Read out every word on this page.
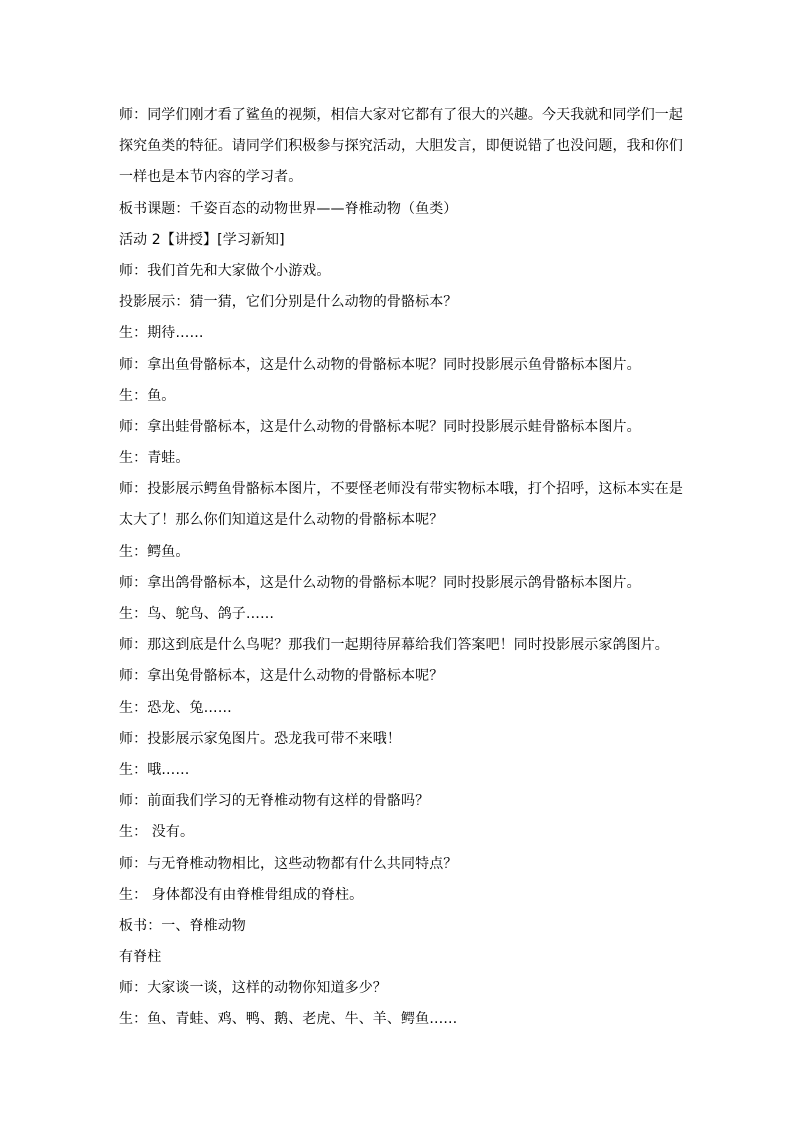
师：同学们刚才看了鲨鱼的视频，相信大家对它都有了很大的兴趣。今天我就和同学们一起
探究鱼类的特征。请同学们积极参与探究活动，大胆发言，即便说错了也没问题，我和你们
一样也是本节内容的学习者。
板书课题：千姿百态的动物世界——脊椎动物（鱼类）
活动 2【讲授】[学习新知]
师：我们首先和大家做个小游戏。
投影展示：猜一猜，它们分别是什么动物的骨骼标本？
生：期待……
师：拿出鱼骨骼标本，这是什么动物的骨骼标本呢？同时投影展示鱼骨骼标本图片。
生：鱼。
师：拿出蛙骨骼标本，这是什么动物的骨骼标本呢？同时投影展示蛙骨骼标本图片。
生：青蛙。
师：投影展示鳄鱼骨骼标本图片，不要怪老师没有带实物标本哦，打个招呼，这标本实在是
太大了！那么你们知道这是什么动物的骨骼标本呢？
生：鳄鱼。
师：拿出鸽骨骼标本，这是什么动物的骨骼标本呢？同时投影展示鸽骨骼标本图片。
生：鸟、鸵鸟、鸽子……
师：那这到底是什么鸟呢？那我们一起期待屏幕给我们答案吧！同时投影展示家鸽图片。
师：拿出兔骨骼标本，这是什么动物的骨骼标本呢？
生：恐龙、兔……
师：投影展示家兔图片。恐龙我可带不来哦！
生：哦……
师：前面我们学习的无脊椎动物有这样的骨骼吗？
生： 没有。
师：与无脊椎动物相比，这些动物都有什么共同特点？
生： 身体都没有由脊椎骨组成的脊柱。
板书：一、脊椎动物
有脊柱
师：大家谈一谈，这样的动物你知道多少？
生：鱼、青蛙、鸡、鸭、鹅、老虎、牛、羊、鳄鱼……
